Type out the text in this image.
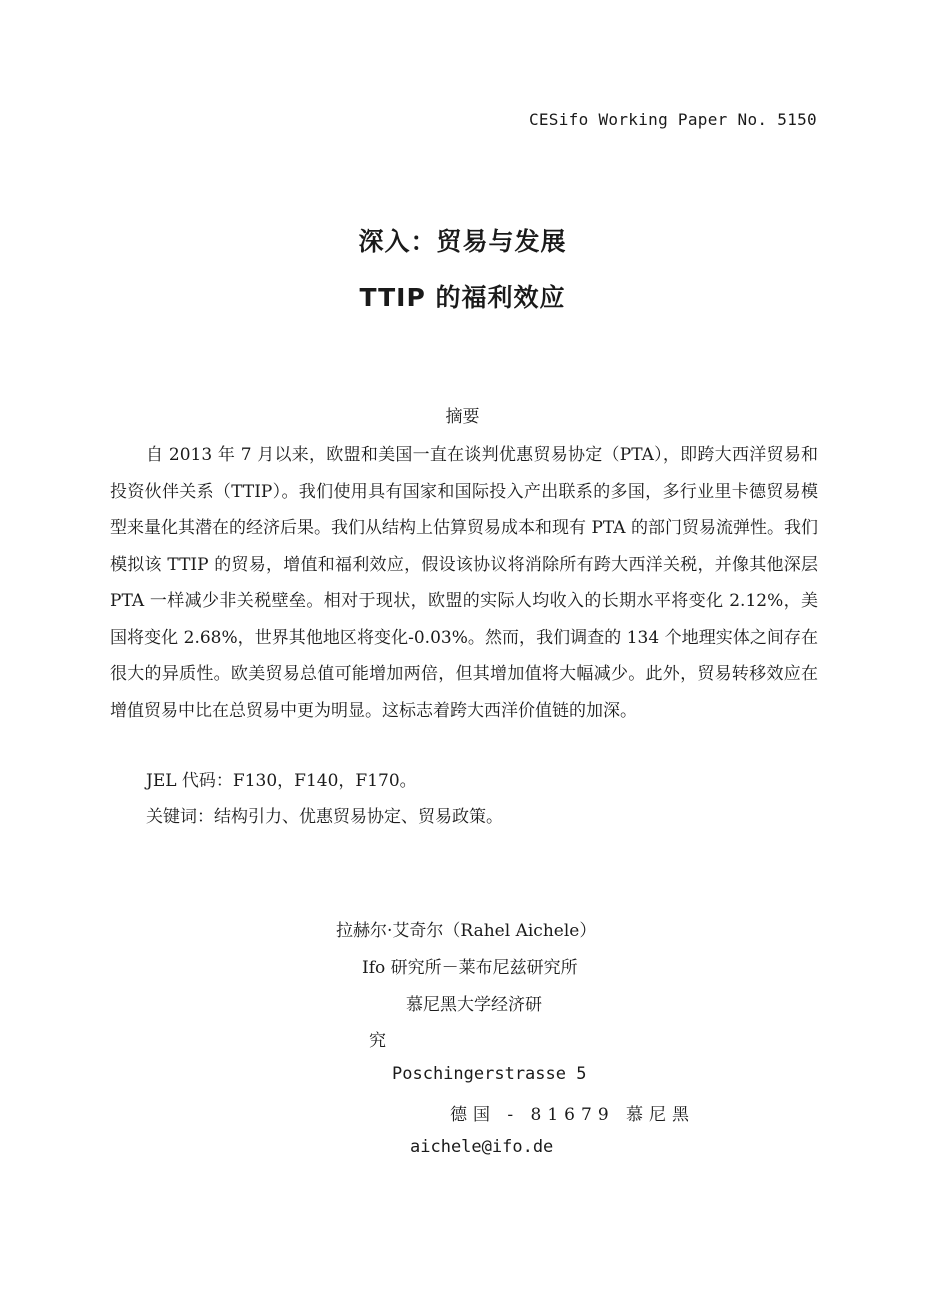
CESifo Working Paper No. 5150
深入：贸易与发展
TTIP 的福利效应
摘要

自 2013 年 7 月以来，欧盟和美国一直在谈判优惠贸易协定（PTA），即跨大西洋贸易和投资伙伴关系（TTIP）。我们使用具有国家和国际投入产出联系的多国，多行业里卡德贸易模型来量化其潜在的经济后果。我们从结构上估算贸易成本和现有 PTA 的部门贸易流弹性。我们模拟该 TTIP 的贸易，增值和福利效应，假设该协议将消除所有跨大西洋关税，并像其他深层 PTA 一样减少非关税壁垒。相对于现状，欧盟的实际人均收入的长期水平将变化 2.12%，美国将变化 2.68%，世界其他地区将变化-0.03%。然而，我们调查的 134 个地理实体之间存在很大的异质性。欧美贸易总值可能增加两倍，但其增加值将大幅减少。此外，贸易转移效应在增值贸易中比在总贸易中更为明显。这标志着跨大西洋价值链的加深。

JEL 代码：F130，F140，F170。
关键词：结构引力、优惠贸易协定、贸易政策。
拉赫尔·艾奇尔（Rahel Aichele）
Ifo 研究所－莱布尼兹研究所
慕尼黑大学经济研
究
Poschingerstrasse 5
德国 - 81679 慕尼黑
aichele@ifo.de
